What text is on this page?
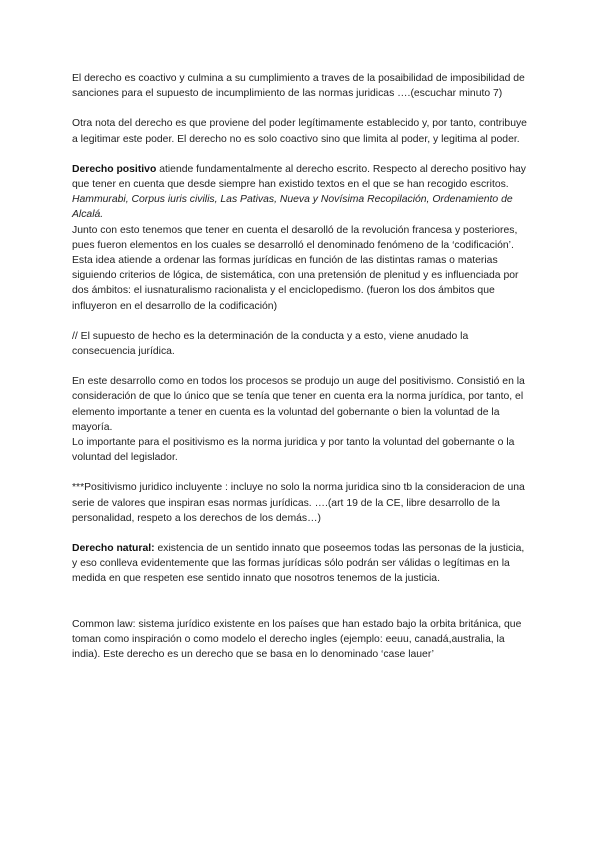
El derecho es coactivo y culmina a su cumplimiento a traves de la posaibilidad de imposibilidad de sanciones para el supuesto de incumplimiento de las normas juridicas ….(escuchar minuto 7)

Otra nota del derecho es que proviene del poder legítimamente establecido y, por tanto, contribuye a legitimar este poder. El derecho no es solo coactivo sino que limita al poder, y legitima al poder.

Derecho positivo atiende fundamentalmente al derecho escrito. Respecto al derecho positivo hay que tener en cuenta que desde siempre han existido textos en el que se han recogido escritos.

Hammurabi, Corpus iuris civilis, Las Pativas, Nueva y Novísima Recopilación, Ordenamiento de Alcalá.

Junto con esto tenemos que tener en cuenta el desarolló de la revolución francesa y posteriores, pues fueron elementos en los cuales se desarrolló el denominado fenómeno de la ‘codificación’. Esta idea atiende a ordenar las formas jurídicas en función de las distintas ramas o materias siguiendo criterios de lógica, de sistemática, con una pretensión de plenitud y es influenciada por dos ámbitos: el iusnaturalismo racionalista y el enciclopedismo. (fueron los dos ámbitos que influyeron en el desarrollo de la codificación)

// El supuesto de hecho es la determinación de la conducta y a esto, viene anudado la consecuencia jurídica.

En este desarrollo como en todos los procesos se produjo un auge del positivismo. Consistió en la consideración de que lo único que se tenía que tener en cuenta era la norma jurídica, por tanto, el elemento importante a tener en cuenta es la voluntad del gobernante o bien la voluntad de la mayoría.

Lo importante para el positivismo es la norma juridica y por tanto la voluntad del gobernante o la voluntad del legislador.

***Positivismo juridico incluyente : incluye no solo la norma juridica sino tb la consideracion de una serie de valores que inspiran esas normas jurídicas. ….(art 19 de la CE, libre desarrollo de la personalidad, respeto a los derechos de los demás…)

Derecho natural: existencia de un sentido innato que poseemos todas las personas de la justicia, y eso conlleva evidentemente que las formas jurídicas sólo podrán ser válidas o legítimas en la medida en que respeten ese sentido innato que nosotros tenemos de la justicia.

Common law: sistema jurídico existente en los países que han estado bajo la orbita británica, que toman como inspiración o como modelo el derecho ingles (ejemplo: eeuu, canadá,australia, la india). Este derecho es un derecho que se basa en lo denominado ‘case lauer’
